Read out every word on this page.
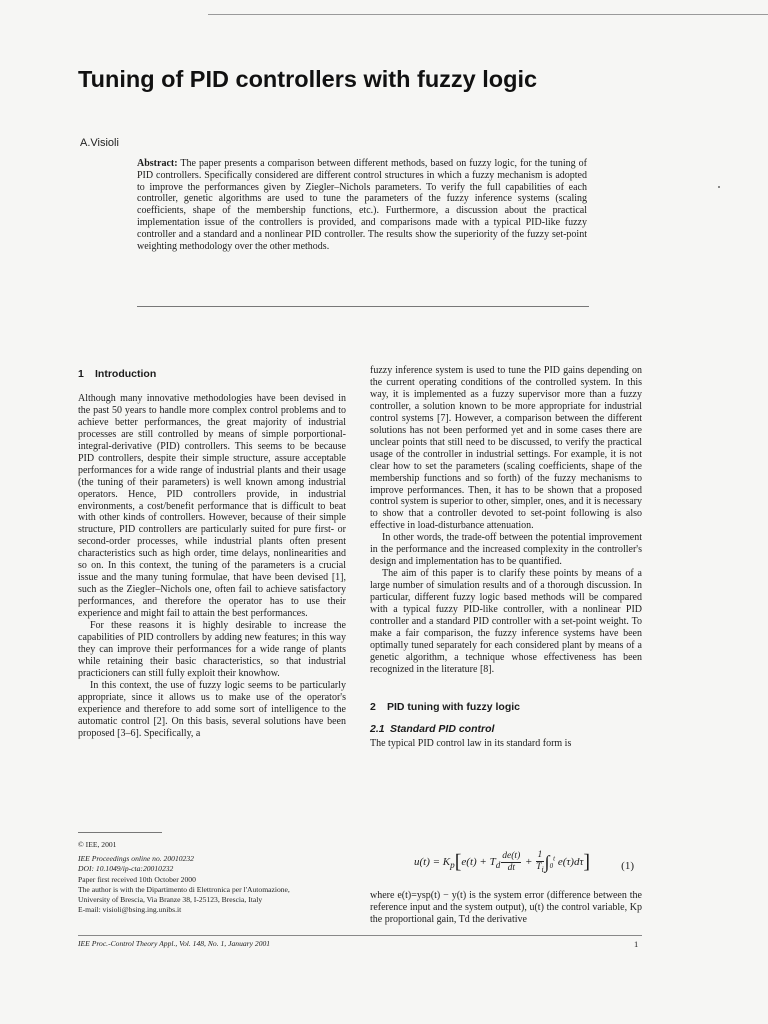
Tuning of PID controllers with fuzzy logic
A.Visioli
Abstract: The paper presents a comparison between different methods, based on fuzzy logic, for the tuning of PID controllers. Specifically considered are different control structures in which a fuzzy mechanism is adopted to improve the performances given by Ziegler–Nichols parameters. To verify the full capabilities of each controller, genetic algorithms are used to tune the parameters of the fuzzy inference systems (scaling coefficients, shape of the membership functions, etc.). Furthermore, a discussion about the practical implementation issue of the controllers is provided, and comparisons made with a typical PID-like fuzzy controller and a standard and a nonlinear PID controller. The results show the superiority of the fuzzy set-point weighting methodology over the other methods.
1 Introduction

Although many innovative methodologies have been devised in the past 50 years to handle more complex control problems and to achieve better performances, the great majority of industrial processes are still controlled by means of simple porportional-integral-derivative (PID) controllers. This seems to be because PID controllers, despite their simple structure, assure acceptable performances for a wide range of industrial plants and their usage (the tuning of their parameters) is well known among industrial operators. Hence, PID controllers provide, in industrial environments, a cost/benefit performance that is difficult to beat with other kinds of controllers. However, because of their simple structure, PID controllers are particularly suited for pure first- or second-order processes, while industrial plants often present characteristics such as high order, time delays, nonlinearities and so on. In this context, the tuning of the parameters is a crucial issue and the many tuning formulae, that have been devised [1], such as the Ziegler–Nichols one, often fail to achieve satisfactory performances, and therefore the operator has to use their experience and might fail to attain the best performances.

For these reasons it is highly desirable to increase the capabilities of PID controllers by adding new features; in this way they can improve their performances for a wide range of plants while retaining their basic characteristics, so that industrial practicioners can still fully exploit their knowhow.

In this context, the use of fuzzy logic seems to be particularly appropriate, since it allows us to make use of the operator's experience and therefore to add some sort of intelligence to the automatic control [2]. On this basis, several solutions have been proposed [3–6]. Specifically, a

fuzzy inference system is used to tune the PID gains depending on the current operating conditions of the controlled system. In this way, it is implemented as a fuzzy supervisor more than a fuzzy controller, a solution known to be more appropriate for industrial control systems [7]. However, a comparison between the different solutions has not been performed yet and in some cases there are unclear points that still need to be discussed, to verify the practical usage of the controller in industrial settings. For example, it is not clear how to set the parameters (scaling coefficients, shape of the membership functions and so forth) of the fuzzy mechanisms to improve performances. Then, it has to be shown that a proposed control system is superior to other, simpler, ones, and it is necessary to show that a controller devoted to set-point following is also effective in load-disturbance attenuation.

In other words, the trade-off between the potential improvement in the performance and the increased complexity in the controller's design and implementation has to be quantified.

The aim of this paper is to clarify these points by means of a large number of simulation results and of a thorough discussion. In particular, different fuzzy logic based methods will be compared with a typical fuzzy PID-like controller, with a nonlinear PID controller and a standard PID controller with a set-point weight. To make a fair comparison, the fuzzy inference systems have been optimally tuned separately for each considered plant by means of a genetic algorithm, a technique whose effectiveness has been recognized in the literature [8].

2 PID tuning with fuzzy logic
2.1 Standard PID control

The typical PID control law in its standard form is

$u(t) = K_p[e(t) + T_d \frac{de(t)}{dt} + \frac{1}{T_i} \int_0^t$ e(τ)dτ]	(1)
where e(t)=ysp(t) − y(t) is the system error (difference between the reference input and the system output), u(t) the control variable, Kp the proportional gain, Td the derivative
© IEE, 2001
IEE Proceedings online no. 20010232
DOI: 10.1049/ip-cta:20010232
Paper first received 10th October 2000
The author is with the Dipartimento di Elettronica per l'Automazione,
University of Brescia, Via Branze 38, I-25123, Brescia, Italy
E-mail: visioli@bsing.ing.unibs.it
IEE Proc.-Control Theory Appl., Vol. 148, No. 1, January 2001	1
